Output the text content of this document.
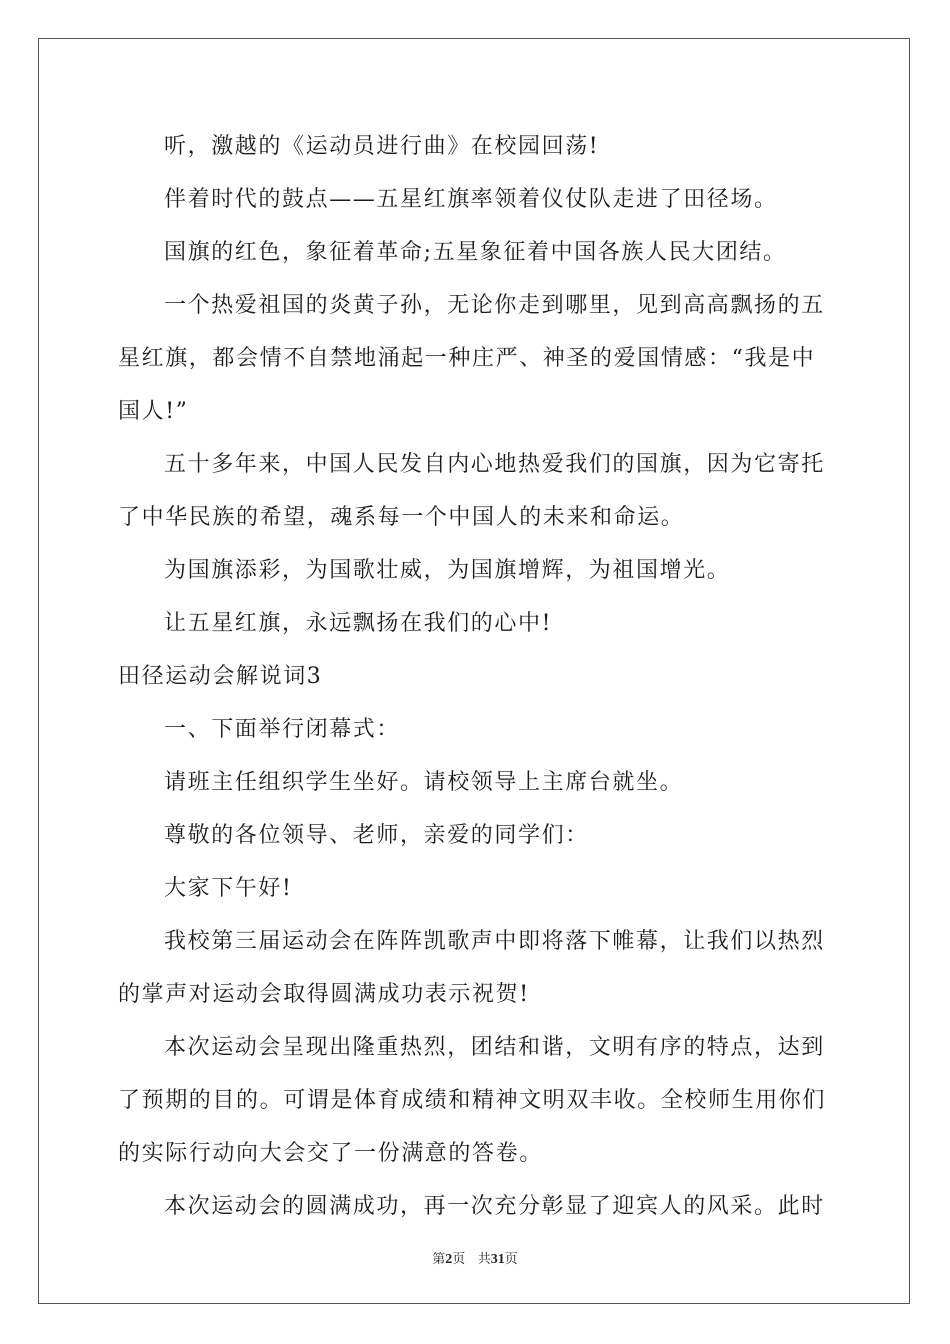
听，激越的《运动员进行曲》在校园回荡!
伴着时代的鼓点——五星红旗率领着仪仗队走进了田径场。
国旗的红色，象征着革命;五星象征着中国各族人民大团结。
一个热爱祖国的炎黄子孙，无论你走到哪里，见到高高飘扬的五
星红旗，都会情不自禁地涌起一种庄严、神圣的爱国情感：“我是中
国人!”
五十多年来，中国人民发自内心地热爱我们的国旗，因为它寄托
了中华民族的希望，魂系每一个中国人的未来和命运。
为国旗添彩，为国歌壮威，为国旗增辉，为祖国增光。
让五星红旗，永远飘扬在我们的心中!
田径运动会解说词3
一、下面举行闭幕式：
请班主任组织学生坐好。请校领导上主席台就坐。
尊敬的各位领导、老师，亲爱的同学们：
大家下午好!
我校第三届运动会在阵阵凯歌声中即将落下帷幕，让我们以热烈
的掌声对运动会取得圆满成功表示祝贺!
本次运动会呈现出隆重热烈，团结和谐，文明有序的特点，达到
了预期的目的。可谓是体育成绩和精神文明双丰收。全校师生用你们
的实际行动向大会交了一份满意的答卷。
本次运动会的圆满成功，再一次充分彰显了迎宾人的风采。此时
第2页 共31页
